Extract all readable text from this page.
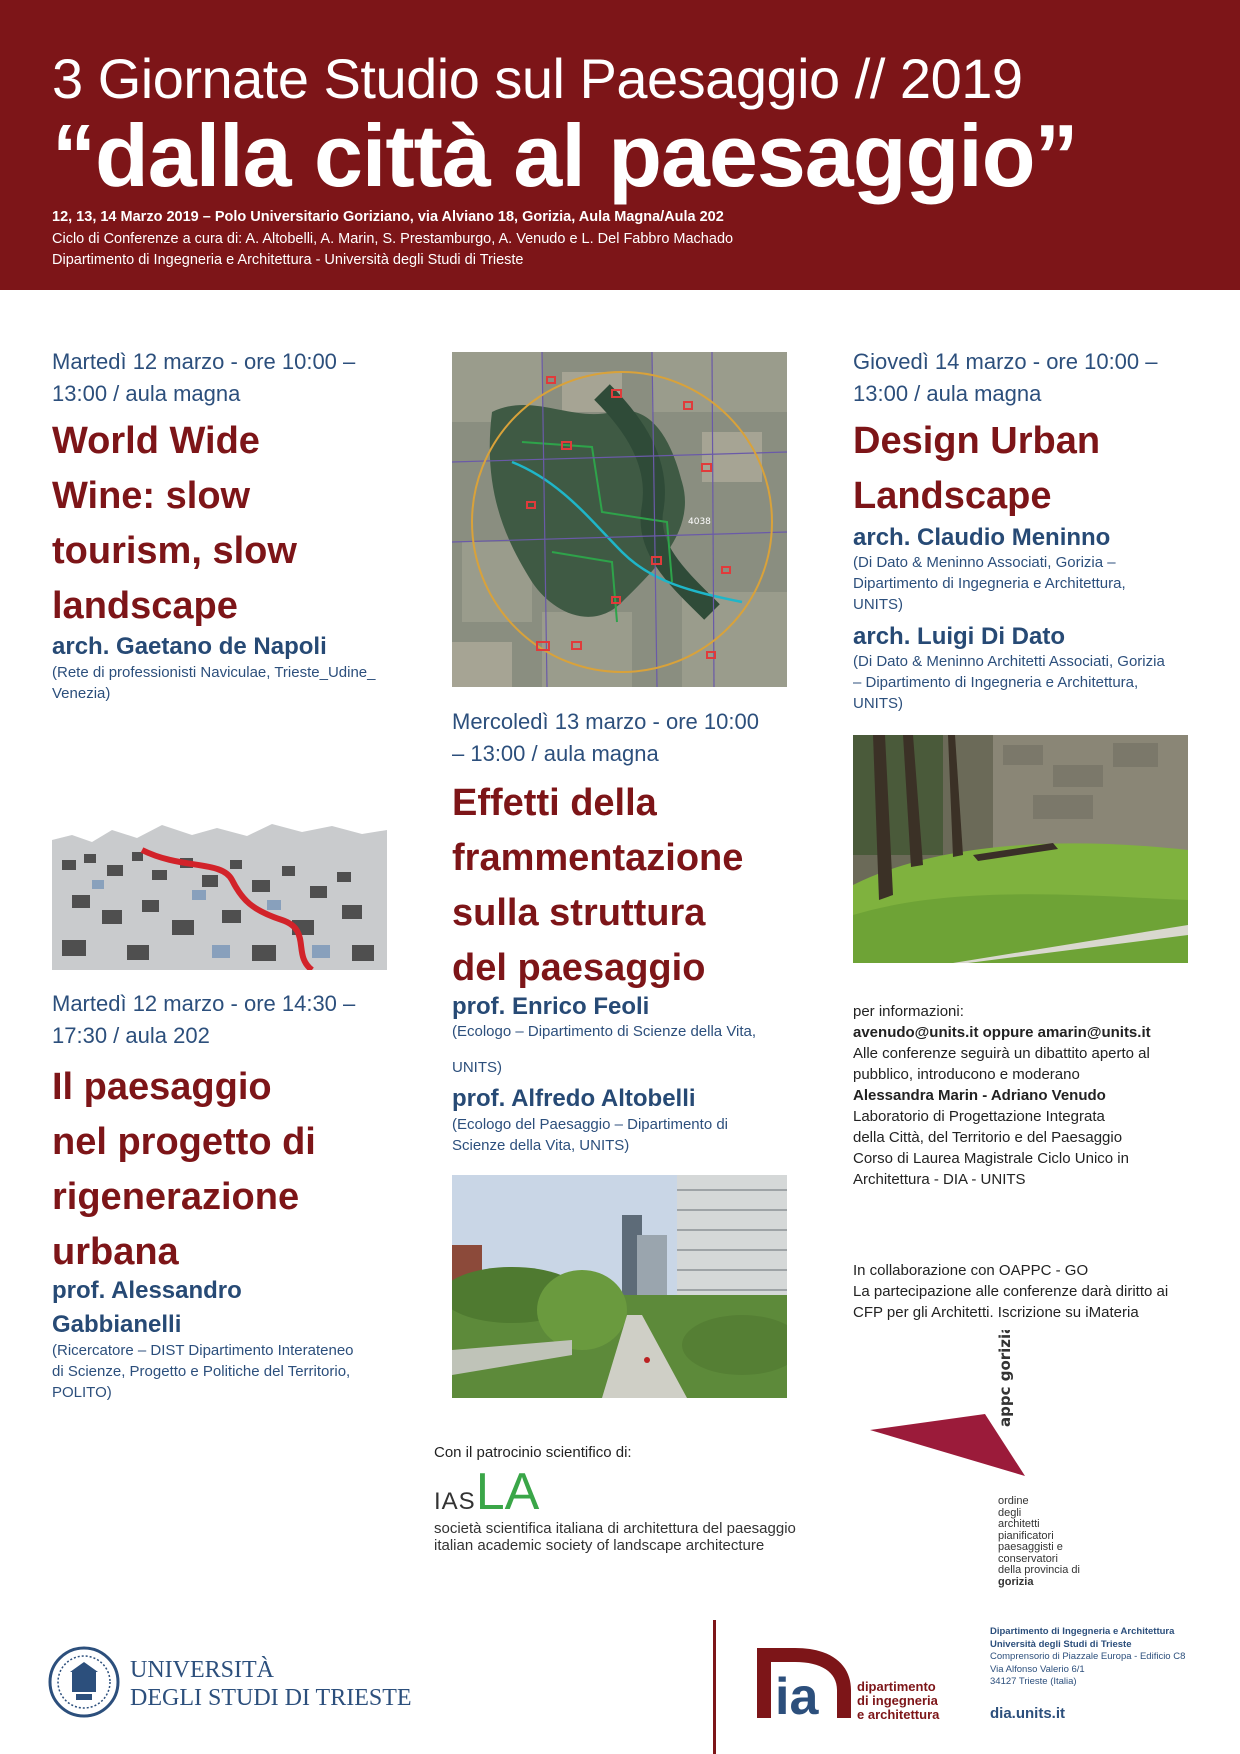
3 Giornate Studio sul Paesaggio // 2019
“dalla città al paesaggio”
12, 13, 14 Marzo 2019 – Polo Universitario Goriziano, via Alviano 18, Gorizia, Aula Magna/Aula 202
Ciclo di Conferenze a cura di: A. Altobelli, A. Marin, S. Prestamburgo, A. Venudo e L. Del Fabbro Machado
Dipartimento di Ingegneria e Architettura - Università degli Studi di Trieste
Martedì 12 marzo - ore 10:00 –
13:00 / aula magna
World Wide
Wine: slow
tourism, slow
landscape
arch. Gaetano de Napoli
(Rete di professionisti Naviculae, Trieste_Udine_
Venezia)
Martedì 12 marzo - ore 14:30 –
17:30 / aula 202
Il paesaggio
nel progetto di
rigenerazione
urbana
prof. Alessandro
Gabbianelli
(Ricercatore – DIST Dipartimento Interateneo
di Scienze, Progetto e Politiche del Territorio,
POLITO)
4038
Mercoledì 13 marzo - ore 10:00
– 13:00 / aula magna
Effetti della
frammentazione
sulla struttura
del paesaggio
prof. Enrico Feoli
(Ecologo – Dipartimento di Scienze della Vita,
UNITS)
prof. Alfredo Altobelli
(Ecologo del Paesaggio – Dipartimento di
Scienze della Vita, UNITS)
Giovedì 14 marzo - ore 10:00 –
13:00 / aula magna
Design Urban
Landscape
arch. Claudio Meninno
(Di Dato & Meninno Associati, Gorizia –
Dipartimento di Ingegneria e Architettura,
UNITS)
arch. Luigi Di Dato
(Di Dato & Meninno Architetti Associati, Gorizia
– Dipartimento di Ingegneria e Architettura,
UNITS)
per informazioni:
avenudo@units.it oppure amarin@units.it
Alle conferenze seguirà un dibattito aperto al
pubblico, introducono e moderano
Alessandra Marin - Adriano Venudo
Laboratorio di Progettazione Integrata
della Città, del Territorio e del Paesaggio
Corso di Laurea Magistrale Ciclo Unico in
Architettura - DIA - UNITS
In collaborazione con OAPPC - GO
La partecipazione alle conferenze darà diritto ai
CFP per gli Architetti. Iscrizione su iMateria
Con il patrocinio scientifico di:
IASLA
società scientifica italiana di architettura del paesaggio
italian academic society of landscape architecture
appc gorizia
ordine
degli
architetti
pianificatori
paesaggisti e
conservatori
della provincia di
gorizia
UNIVERSITÀ
DEGLI STUDI DI TRIESTE	ia	dipartimento
di ingegneria
e architettura
Dipartimento di Ingegneria e Architettura
Università degli Studi di Trieste
Comprensorio di Piazzale Europa - Edificio C8
Via Alfonso Valerio 6/1
34127 Trieste (Italia)
dia.units.it
